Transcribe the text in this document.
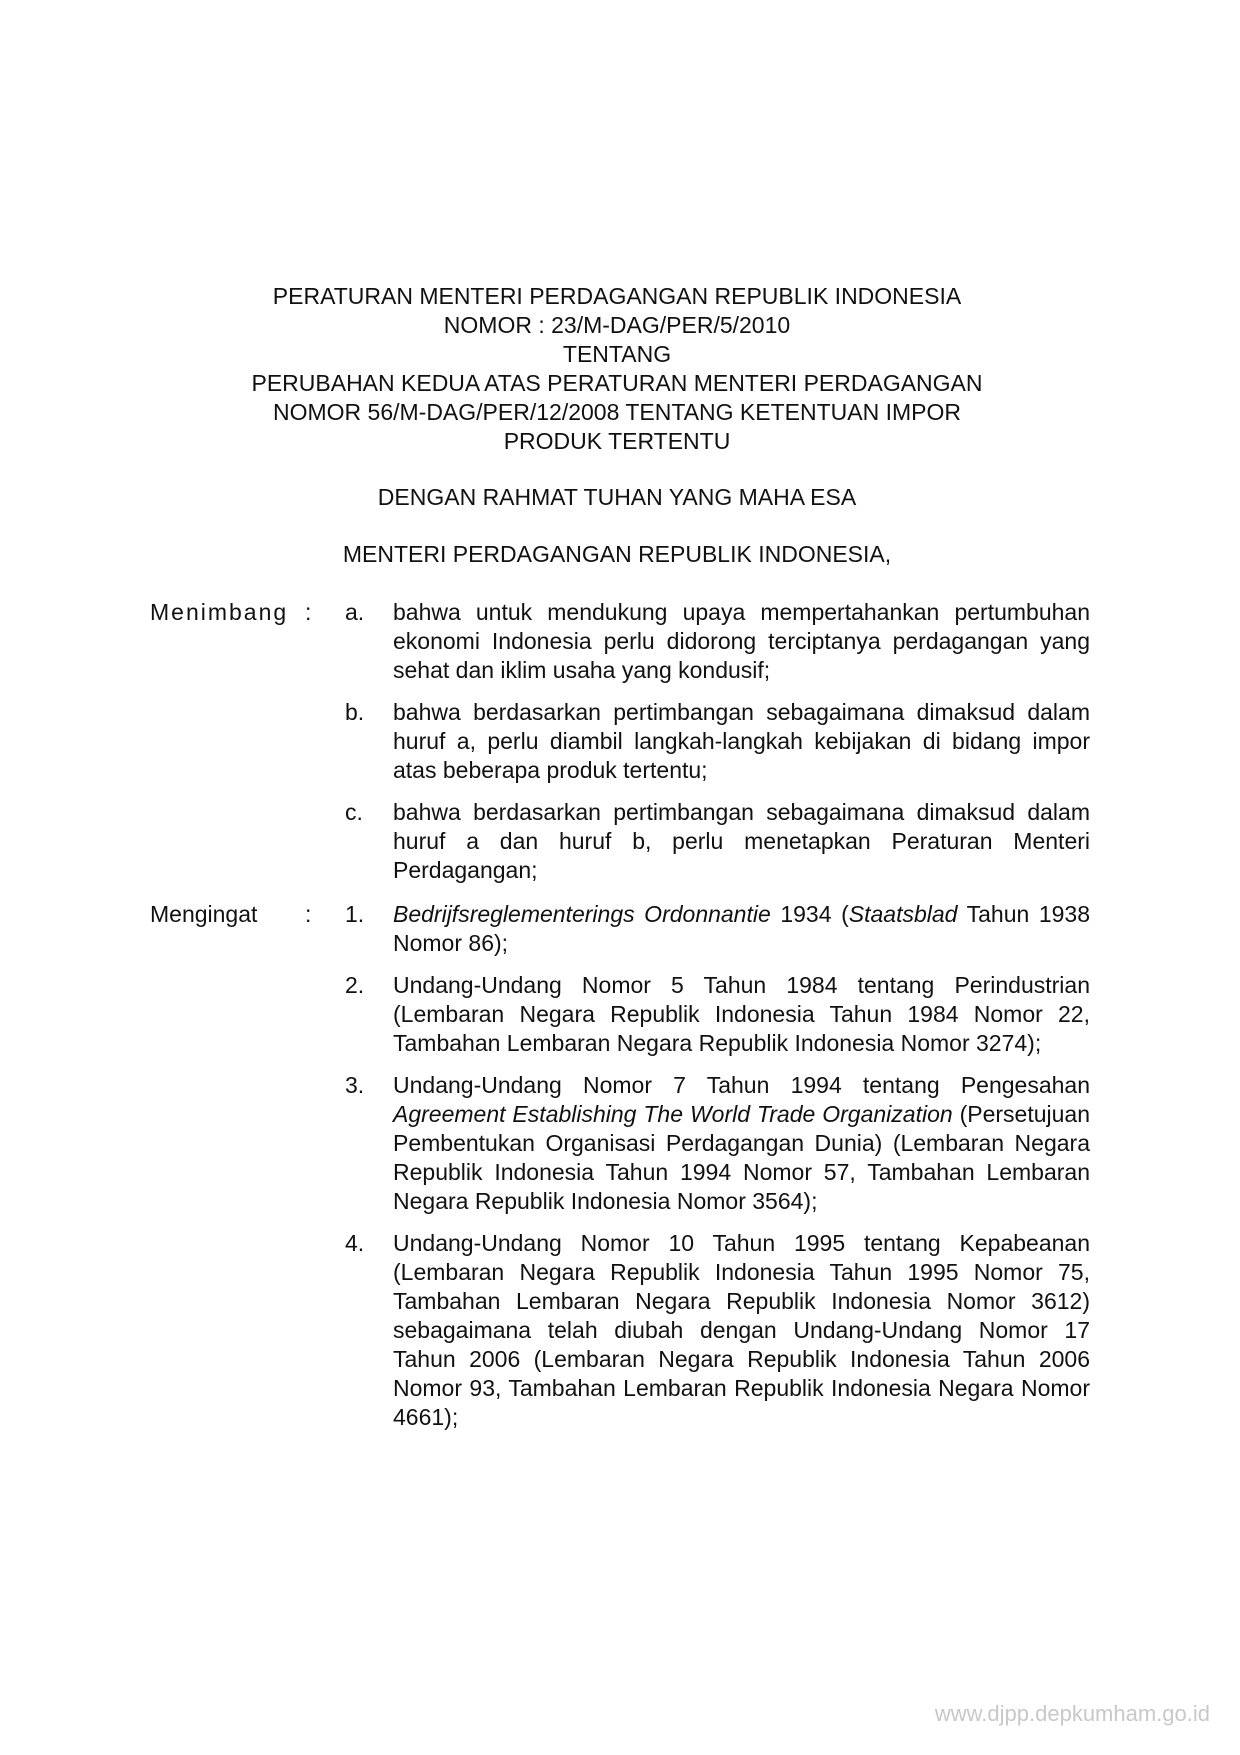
PERATURAN MENTERI PERDAGANGAN REPUBLIK INDONESIA
NOMOR : 23/M-DAG/PER/5/2010
TENTANG
PERUBAHAN KEDUA ATAS PERATURAN MENTERI PERDAGANGAN
NOMOR 56/M-DAG/PER/12/2008 TENTANG KETENTUAN IMPOR
PRODUK TERTENTU
DENGAN RAHMAT TUHAN YANG MAHA ESA
MENTERI PERDAGANGAN REPUBLIK INDONESIA,
Menimbang : a. bahwa untuk mendukung upaya mempertahankan pertumbuhan ekonomi Indonesia perlu didorong terciptanya perdagangan yang sehat dan iklim usaha yang kondusif;
b. bahwa berdasarkan pertimbangan sebagaimana dimaksud dalam huruf a, perlu diambil langkah-langkah kebijakan di bidang impor atas beberapa produk tertentu;
c. bahwa berdasarkan pertimbangan sebagaimana dimaksud dalam huruf a dan huruf b, perlu menetapkan Peraturan Menteri Perdagangan;
Mengingat : 1. Bedrijfsreglementerings Ordonnantie 1934 (Staatsblad Tahun 1938 Nomor 86);
2. Undang-Undang Nomor 5 Tahun 1984 tentang Perindustrian (Lembaran Negara Republik Indonesia Tahun 1984 Nomor 22, Tambahan Lembaran Negara Republik Indonesia Nomor 3274);
3. Undang-Undang Nomor 7 Tahun 1994 tentang Pengesahan Agreement Establishing The World Trade Organization (Persetujuan Pembentukan Organisasi Perdagangan Dunia) (Lembaran Negara Republik Indonesia Tahun 1994 Nomor 57, Tambahan Lembaran Negara Republik Indonesia Nomor 3564);
4. Undang-Undang Nomor 10 Tahun 1995 tentang Kepabeanan (Lembaran Negara Republik Indonesia Tahun 1995 Nomor 75, Tambahan Lembaran Negara Republik Indonesia Nomor 3612) sebagaimana telah diubah dengan Undang-Undang Nomor 17 Tahun 2006 (Lembaran Negara Republik Indonesia Tahun 2006 Nomor 93, Tambahan Lembaran Republik Indonesia Negara Nomor 4661);
www.djpp.depkumham.go.id
